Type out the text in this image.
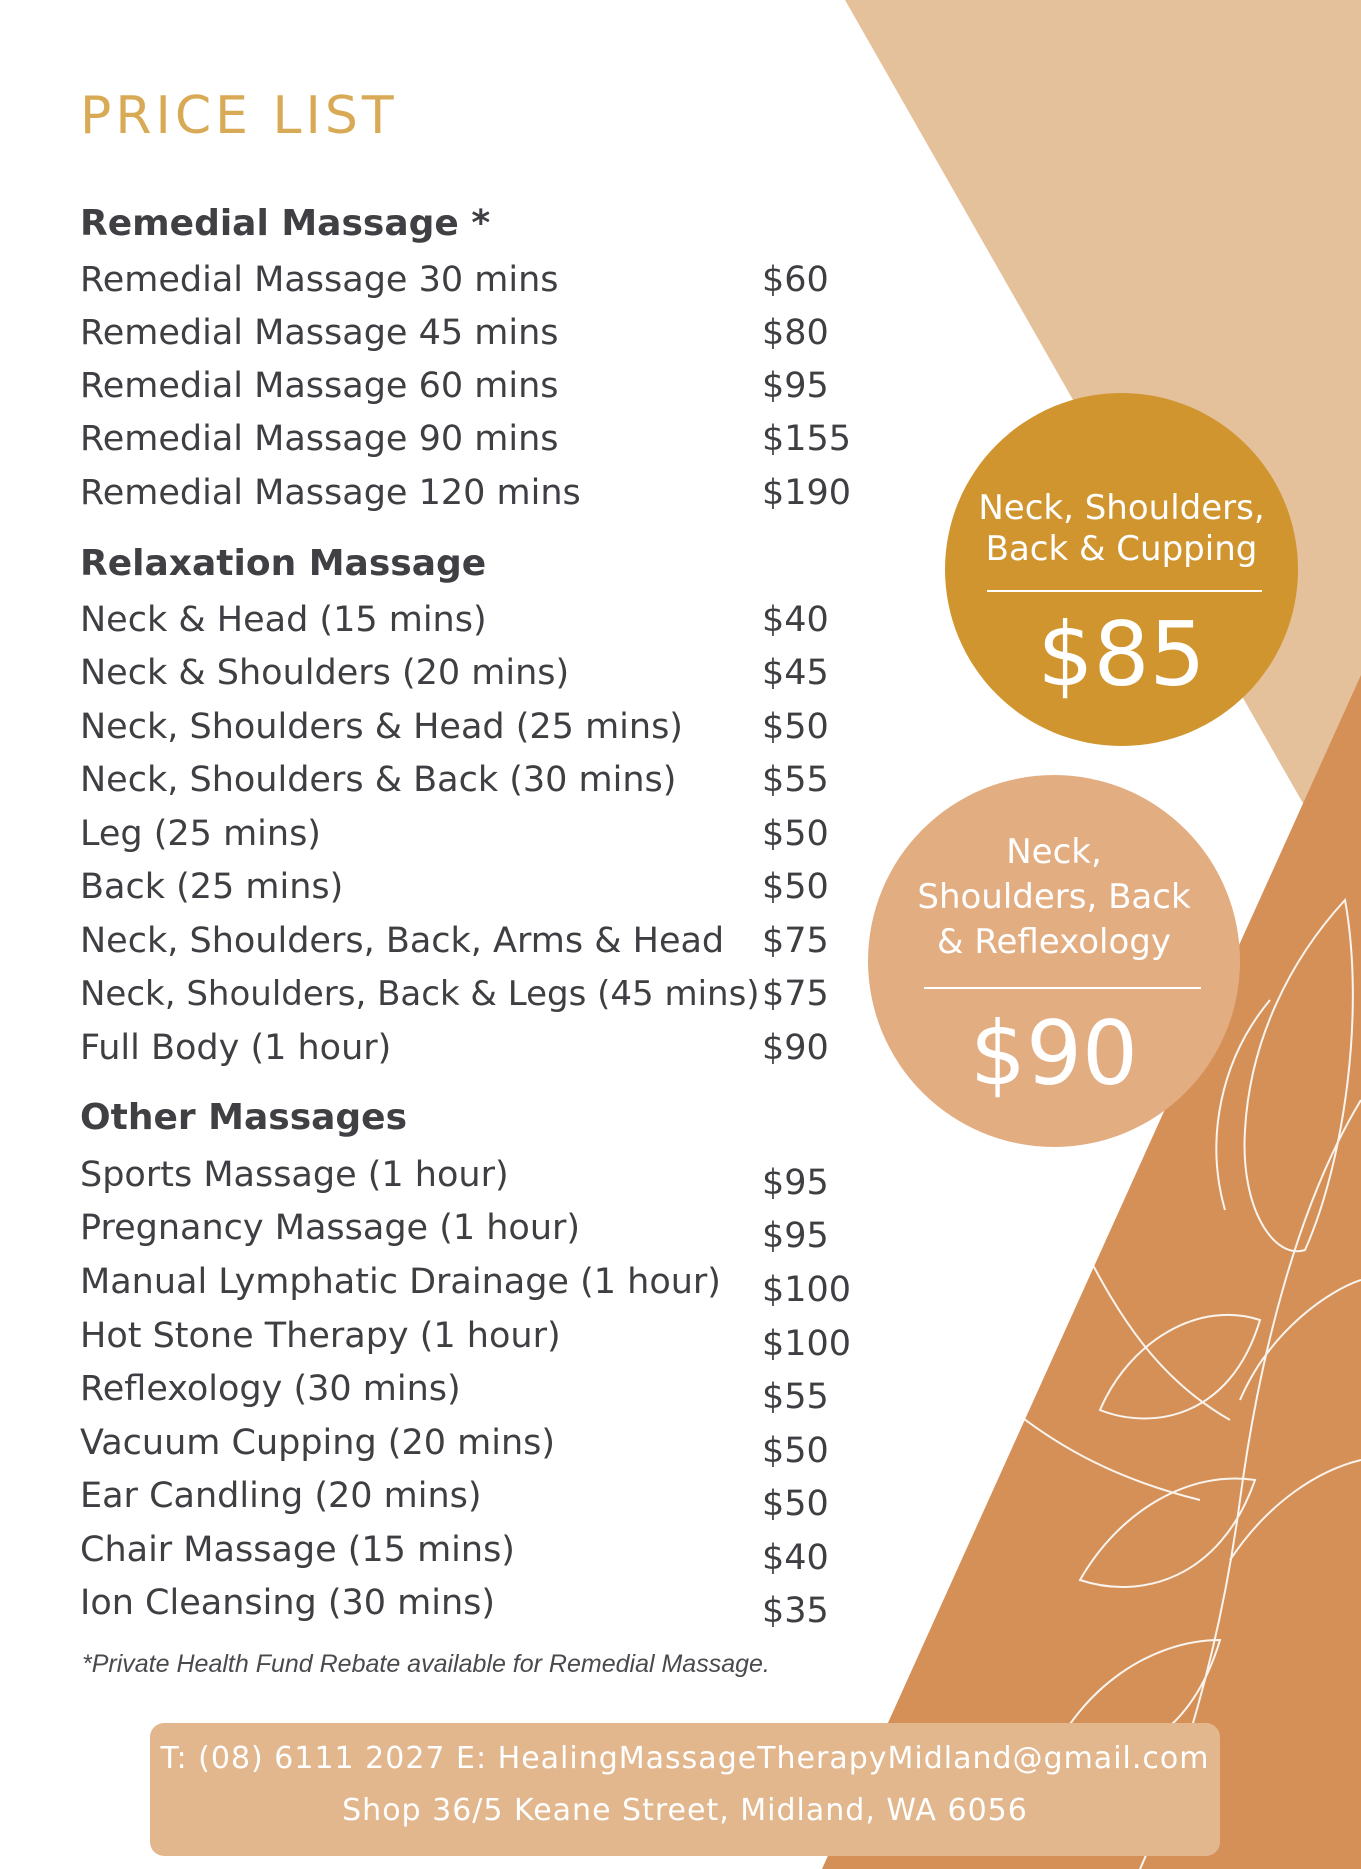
PRICE LIST
Remedial Massage *
Remedial Massage 30 mins	$60
Remedial Massage 45 mins	$80
Remedial Massage 60 mins	$95
Remedial Massage 90 mins	$155
Remedial Massage 120 mins	$190
Relaxation Massage
Neck & Head (15 mins)	$40
Neck & Shoulders (20 mins)	$45
Neck, Shoulders & Head (25 mins) $50
Neck, Shoulders & Back (30 mins) $55
Leg (25 mins)	$50
Back (25 mins)	$50
Neck, Shoulders, Back, Arms & Head $75
Neck, Shoulders, Back & Legs (45 mins) $75
Full Body (1 hour)	$90
Other Massages
Sports Massage (1 hour)	$95
Pregnancy Massage (1 hour)	$95
Manual Lymphatic Drainage (1 hour) $100
Hot Stone Therapy (1 hour)	$100
Reflexology (30 mins)	$55
Vacuum Cupping (20 mins)	$50
Ear Candling (20 mins)	$50
Chair Massage (15 mins)	$40
Ion Cleansing (30 mins)	$35
*Private Health Fund Rebate available for Remedial Massage.
Neck, Shoulders,
Back & Cupping
$85
Neck,
Shoulders, Back
& Reflexology
$90
T: (08) 6111 2027 E: HealingMassageTherapyMidland@gmail.com
Shop 36/5 Keane Street, Midland, WA 6056
